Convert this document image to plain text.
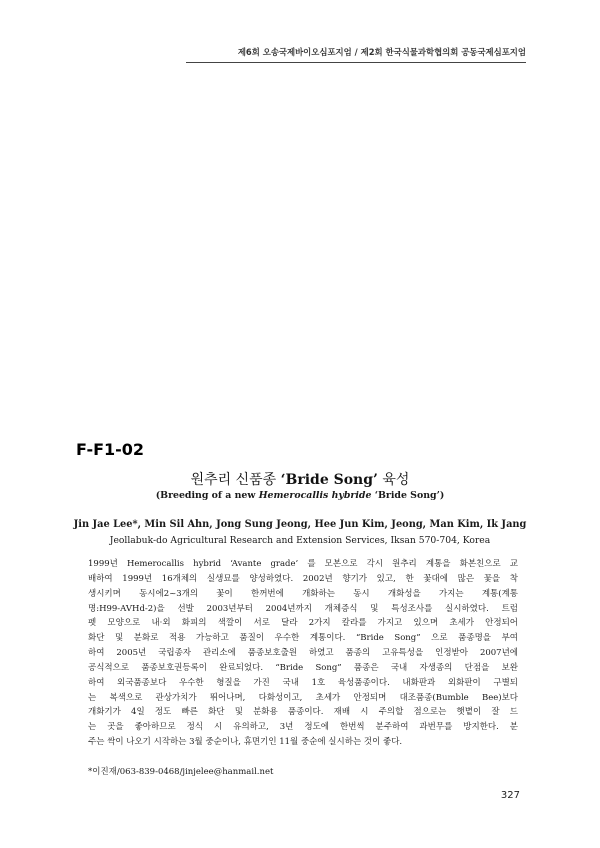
제6회 오송국제바이오심포지엄 / 제2회 한국식물과학협의회 공동국제심포지엄
F-F1-02
원추리 신품종 ‘Bride Song’ 육성
(Breeding of a new Hemerocallis hybride ‘Bride Song’)
Jin Jae Lee*, Min Sil Ahn, Jong Sung Jeong, Hee Jun Kim, Jeong, Man Kim, Ik Jang
Jeollabuk-do Agricultural Research and Extension Services, Iksan 570-704, Korea
1999년 Hemerocallis hybrid ‘Avante grade’ 를 모본으로 각시 원추리 계통을 화본친으로 교
배하여 1999년 16개체의 실생묘를 양성하였다. 2002년 향기가 있고, 한 꽃대에 많은 꽃을 착
생시키며 동시에2~3개의 꽃이 한꺼번에 개화하는 동시 개화성을 가지는 계통(계통
명:H99-AVHd-2)을 선발 2003년부터 2004년까지 개체증식 및 특성조사를 실시하였다. 트럼
펫 모양으로 내·외 화피의 색깔이 서로 달라 2가지 칼라를 가지고 있으며 초세가 안정되어
화단 및 분화로 적용 가능하고 품질이 우수한 계통이다. “Bride Song” 으로 품종명을 부여
하여 2005년 국립종자 관리소에 품종보호출원 하였고 품종의 고유특성을 인정받아 2007년에
공식적으로 품종보호권등록이 완료되었다. “Bride Song” 품종은 국내 자생종의 단점을 보완
하여 외국품종보다 우수한 형질을 가진 국내 1호 육성품종이다. 내화판과 외화판이 구별되
는 복색으로 관상가치가 뛰어나며, 다화성이고, 초세가 안정되며 대조품종(Bumble Bee)보다
개화기가 4일 정도 빠른 화단 및 분화용 품종이다. 재배 시 주의할 점으로는 햇볕이 잘 드
는 곳을 좋아하므로 정식 시 유의하고, 3년 정도에 한번씩 분주하여 과번무를 방지한다. 분
주는 싹이 나오기 시작하는 3월 중순이나, 휴면기인 11월 중순에 실시하는 것이 좋다.
*이진재/063-839-0468/jinjelee@hanmail.net
327
